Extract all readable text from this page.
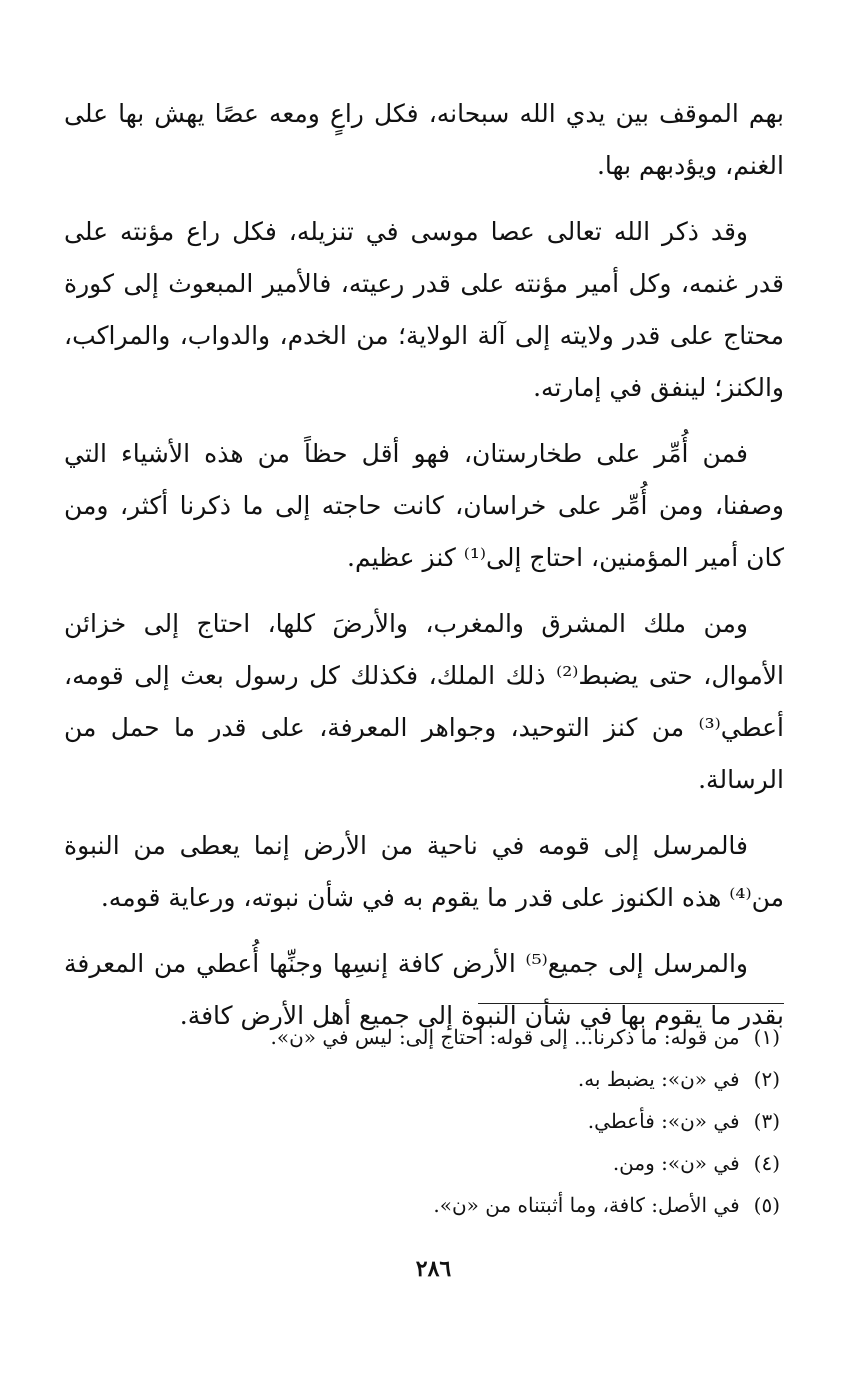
بهم الموقف بين يدي الله سبحانه، فكل راعٍ ومعه عصًا يهش بها على الغنم، ويؤدبهم بها.

وقد ذكر الله تعالى عصا موسى في تنزيله، فكل راع مؤنته على قدر غنمه، وكل أمير مؤنته على قدر رعيته، فالأمير المبعوث إلى كورة محتاج على قدر ولايته إلى آلة الولاية؛ من الخدم، والدواب، والمراكب، والكنز؛ لينفق في إمارته.

فمن أُمِّر على طخارستان، فهو أقل حظاً من هذه الأشياء التي وصفنا، ومن أُمِّر على خراسان، كانت حاجته إلى ما ذكرنا أكثر، ومن كان أمير المؤمنين، احتاج إلى⁽¹⁾ كنز عظيم.

ومن ملك المشرق والمغرب، والأرضَ كلها، احتاج إلى خزائن الأموال، حتى يضبط⁽²⁾ ذلك الملك، فكذلك كل رسول بعث إلى قومه، أعطي⁽³⁾ من كنز التوحيد، وجواهر المعرفة، على قدر ما حمل من الرسالة.

فالمرسل إلى قومه في ناحية من الأرض إنما يعطى من النبوة من⁽⁴⁾ هذه الكنوز على قدر ما يقوم به في شأن نبوته، ورعاية قومه.

والمرسل إلى جميع⁽⁵⁾ الأرض كافة إنسِها وجنِّها أُعطي من المعرفة بقدر ما يقوم بها في شأن النبوة إلى جميع أهل الأرض كافة.

(١)من قوله: ما ذكرنا... إلى قوله: احتاج إلى: ليس في «ن».
(٢)في «ن»: يضبط به.
(٣)في «ن»: فأعطي.
(٤)في «ن»: ومن.
(٥)في الأصل: كافة، وما أثبتناه من «ن».
٢٨٦
